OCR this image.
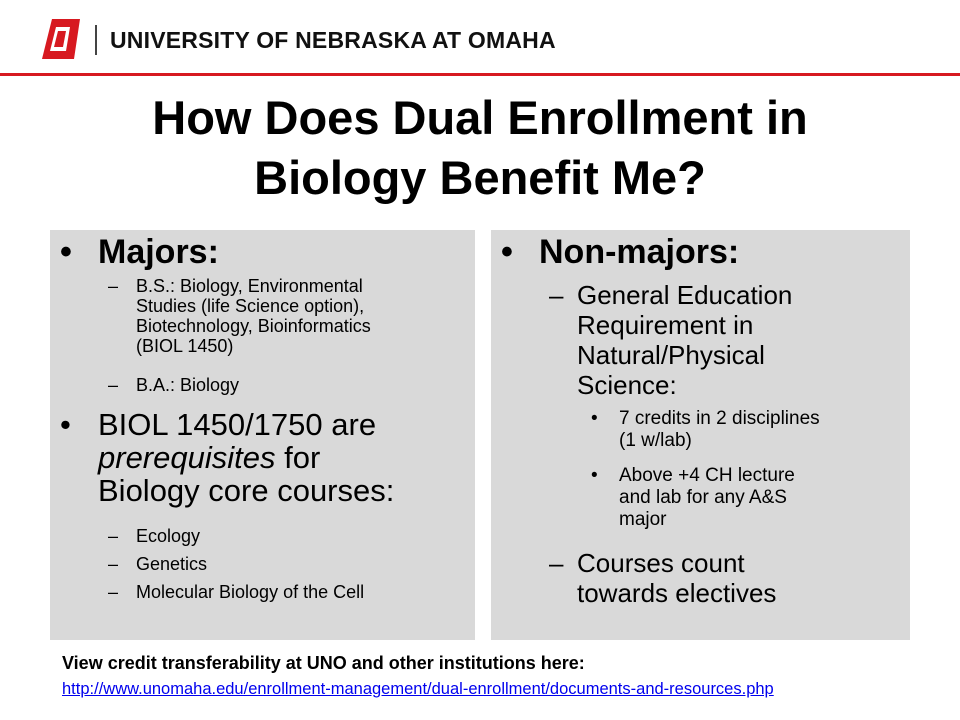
UNIVERSITY OF NEBRASKA AT OMAHA
How Does Dual Enrollment in
Biology Benefit Me?
• Majors:
– B.S.: Biology, Environmental
Studies (life Science option),
Biotechnology, Bioinformatics
(BIOL 1450)
– B.A.: Biology
• BIOL 1450/1750 are
prerequisites for
Biology core courses:
– Ecology
– Genetics
– Molecular Biology of the Cell
• Non-majors:
– General Education
Requirement in
Natural/Physical
Science:
•	7 credits in 2 disciplines
(1 w/lab)
•	Above +4 CH lecture
and lab for any A&S
major
– Courses count
towards electives
View credit transferability at UNO and other institutions here:
http://www.unomaha.edu/enrollment-management/dual-enrollment/documents-and-resources.php
